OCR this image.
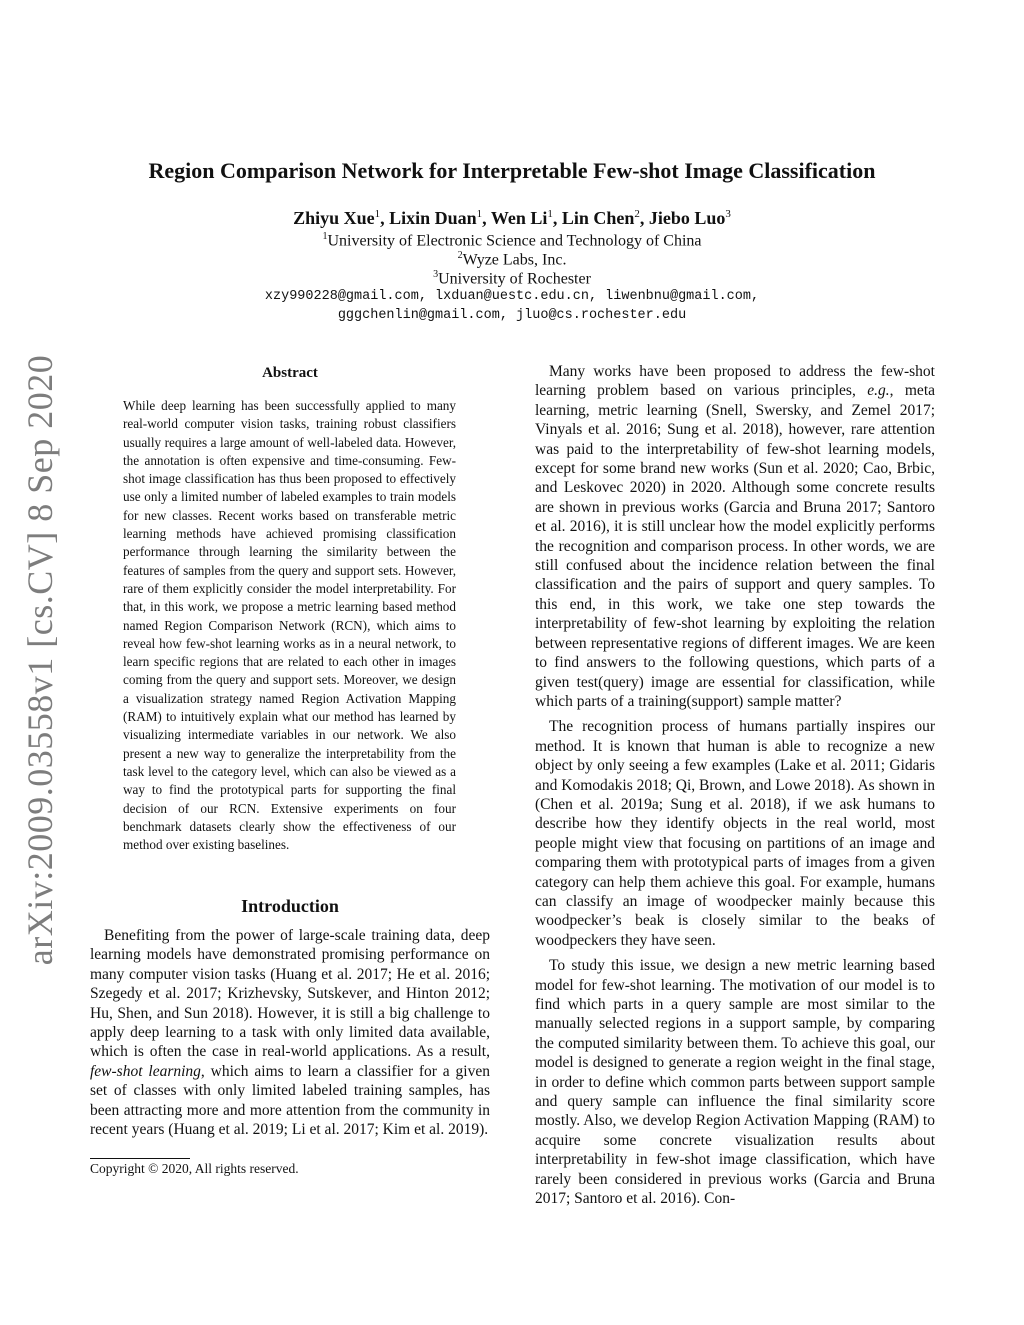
arXiv:2009.03558v1 [cs.CV] 8 Sep 2020
Region Comparison Network for Interpretable Few-shot Image Classification
Zhiyu Xue$^1$, Lixin Duan$^1$, Wen Li$^1$, Lin Chen$^2$, Jiebo Luo$^3$
$^1$University of Electronic Science and Technology of China
$^2$Wyze Labs, Inc.
$^3$University of Rochester
xzy990228@gmail.com, lxduan@uestc.edu.cn, liwenbnu@gmail.com,
gggchenlin@gmail.com, jluo@cs.rochester.edu
Abstract

While deep learning has been successfully applied to many real-world computer vision tasks, training robust classifiers usually requires a large amount of well-labeled data. However, the annotation is often expensive and time-consuming. Few-shot image classification has thus been proposed to effectively use only a limited number of labeled examples to train models for new classes. Recent works based on transferable metric learning methods have achieved promising classification performance through learning the similarity between the features of samples from the query and support sets. However, rare of them explicitly consider the model interpretability. For that, in this work, we propose a metric learning based method named Region Comparison Network (RCN), which aims to reveal how few-shot learning works as in a neural network, to learn specific regions that are related to each other in images coming from the query and support sets. Moreover, we design a visualization strategy named Region Activation Mapping (RAM) to intuitively explain what our method has learned by visualizing intermediate variables in our network. We also present a new way to generalize the interpretability from the task level to the category level, which can also be viewed as a way to find the prototypical parts for supporting the final decision of our RCN. Extensive experiments on four benchmark datasets clearly show the effectiveness of our method over existing baselines.

Introduction

Benefiting from the power of large-scale training data, deep learning models have demonstrated promising performance on many computer vision tasks (Huang et al. 2017; He et al. 2016; Szegedy et al. 2017; Krizhevsky, Sutskever, and Hinton 2012; Hu, Shen, and Sun 2018). However, it is still a big challenge to apply deep learning to a task with only limited data available, which is often the case in real-world applications. As a result, few-shot learning, which aims to learn a classifier for a given set of classes with only limited labeled training samples, has been attracting more and more attention from the community in recent years (Huang et al. 2019; Li et al. 2017; Kim et al. 2019).

Copyright © 2020, All rights reserved.

Many works have been proposed to address the few-shot learning problem based on various principles, e.g., meta learning, metric learning (Snell, Swersky, and Zemel 2017; Vinyals et al. 2016; Sung et al. 2018), however, rare attention was paid to the interpretability of few-shot learning models, except for some brand new works (Sun et al. 2020; Cao, Brbic, and Leskovec 2020) in 2020. Although some concrete results are shown in previous works (Garcia and Bruna 2017; Santoro et al. 2016), it is still unclear how the model explicitly performs the recognition and comparison process. In other words, we are still confused about the incidence relation between the final classification and the pairs of support and query samples. To this end, in this work, we take one step towards the interpretability of few-shot learning by exploiting the relation between representative regions of different images. We are keen to find answers to the following questions, which parts of a given test(query) image are essential for classification, while which parts of a training(support) sample matter?

The recognition process of humans partially inspires our method. It is known that human is able to recognize a new object by only seeing a few examples (Lake et al. 2011; Gidaris and Komodakis 2018; Qi, Brown, and Lowe 2018). As shown in (Chen et al. 2019a; Sung et al. 2018), if we ask humans to describe how they identify objects in the real world, most people might view that focusing on partitions of an image and comparing them with prototypical parts of images from a given category can help them achieve this goal. For example, humans can classify an image of woodpecker mainly because this woodpecker’s beak is closely similar to the beaks of woodpeckers they have seen.

To study this issue, we design a new metric learning based model for few-shot learning. The motivation of our model is to find which parts in a query sample are most similar to the manually selected regions in a support sample, by comparing the computed similarity between them. To achieve this goal, our model is designed to generate a region weight in the final stage, in order to define which common parts between support sample and query sample can influence the final similarity score mostly. Also, we develop Region Activation Mapping (RAM) to acquire some concrete visualization results about interpretability in few-shot image classification, which have rarely been considered in previous works (Garcia and Bruna 2017; Santoro et al. 2016). Con-
